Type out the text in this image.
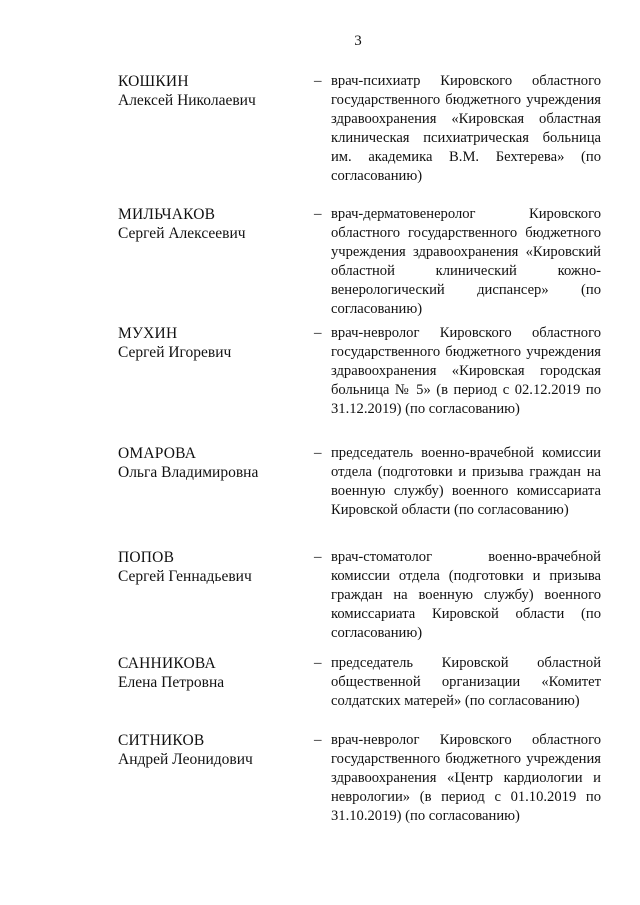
3
КОШКИН
Алексей Николаевич
– врач-психиатр Кировского областного государственного бюджетного учреждения здравоохранения «Кировская областная клиническая психиатрическая больница им. академика В.М. Бехтерева» (по согласованию)
МИЛЬЧАКОВ
Сергей Алексеевич
– врач-дерматовенеролог Кировского областного государственного бюджетного учреждения здравоохранения «Кировский областной клинический кожно-венерологический диспансер» (по согласованию)
МУХИН
Сергей Игоревич
– врач-невролог Кировского областного государственного бюджетного учреждения здравоохранения «Кировская городская больница № 5» (в период с 02.12.2019 по 31.12.2019) (по согласованию)
ОМАРОВА
Ольга Владимировна
– председатель военно-врачебной комиссии отдела (подготовки и призыва граждан на военную службу) военного комиссариата Кировской области (по согласованию)
ПОПОВ
Сергей Геннадьевич
– врач-стоматолог военно-врачебной комиссии отдела (подготовки и призыва граждан на военную службу) военного комиссариата Кировской области (по согласованию)
САННИКОВА
Елена Петровна
– председатель Кировской областной общественной организации «Комитет солдатских матерей» (по согласованию)
СИТНИКОВ
Андрей Леонидович
– врач-невролог Кировского областного государственного бюджетного учреждения здравоохранения «Центр кардиологии и неврологии» (в период с 01.10.2019 по 31.10.2019) (по согласованию)
